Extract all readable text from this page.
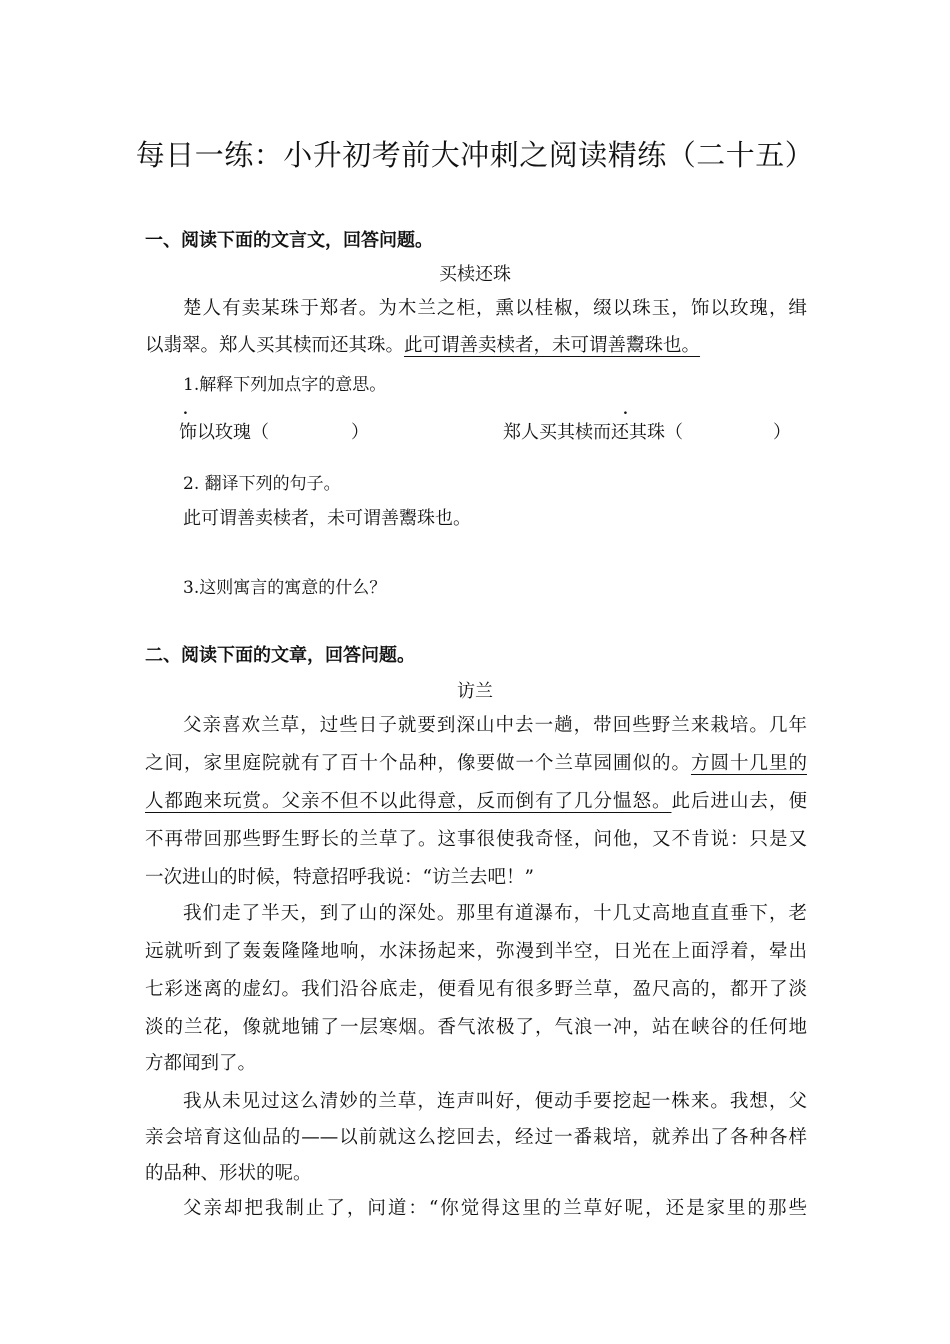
每日一练：小升初考前大冲刺之阅读精练（二十五）
一、阅读下面的文言文，回答问题。
买椟还珠
楚人有卖某珠于郑者。为木兰之柜，熏以桂椒，缀以珠玉，饰以玫瑰，缉
以翡翠。郑人买其椟而还其珠。此可谓善卖椟者，未可谓善鬻珠也。
1.解释下列加点字的意思。
.
饰以玫瑰（	）
.
郑人买其椟而还其珠（	）
2. 翻译下列的句子。
此可谓善卖椟者，未可谓善鬻珠也。
3.这则寓言的寓意的什么？
二、阅读下面的文章，回答问题。
访兰
父亲喜欢兰草，过些日子就要到深山中去一趟，带回些野兰来栽培。几年
之间，家里庭院就有了百十个品种，像要做一个兰草园圃似的。方圆十几里的
人都跑来玩赏。父亲不但不以此得意，反而倒有了几分愠怒。此后进山去，便
不再带回那些野生野长的兰草了。这事很使我奇怪，问他，又不肯说：只是又
一次进山的时候，特意招呼我说：“访兰去吧！”
我们走了半天，到了山的深处。那里有道瀑布，十几丈高地直直垂下，老
远就听到了轰轰隆隆地响，水沫扬起来，弥漫到半空，日光在上面浮着，晕出
七彩迷离的虚幻。我们沿谷底走，便看见有很多野兰草，盈尺高的，都开了淡
淡的兰花，像就地铺了一层寒烟。香气浓极了，气浪一冲，站在峡谷的任何地
方都闻到了。
我从未见过这么清妙的兰草，连声叫好，便动手要挖起一株来。我想，父
亲会培育这仙品的——以前就这么挖回去，经过一番栽培，就养出了各种各样
的品种、形状的呢。
父亲却把我制止了，问道：“你觉得这里的兰草好呢，还是家里的那些
